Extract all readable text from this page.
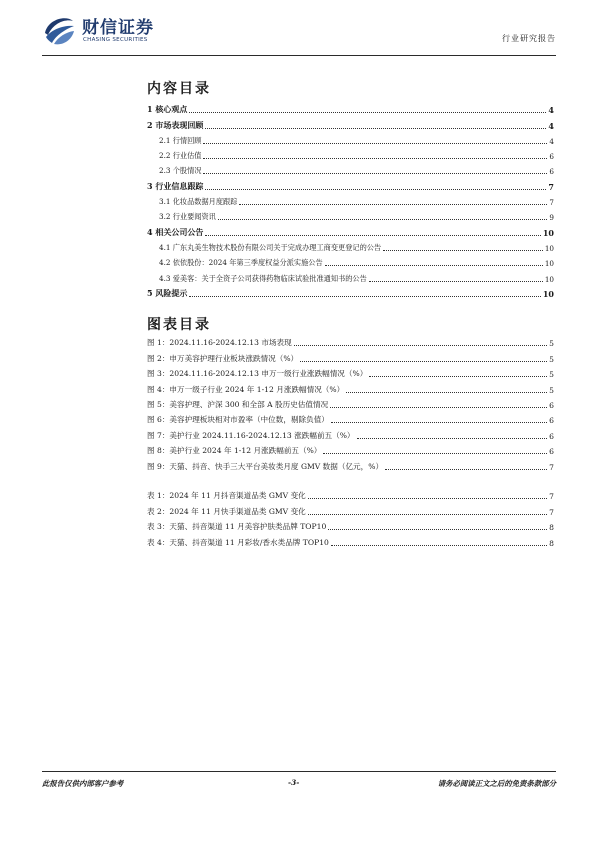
财信证券
CHASING SECURITIES	行业研究报告
内容目录
1 核心观点	4
2 市场表现回顾	4
2.1 行情回顾	4
2.2 行业估值	6
2.3 个股情况	6
3 行业信息跟踪	7
3.1 化妆品数据月度跟踪	7
3.2 行业要闻资讯	9
4 相关公司公告	10
4.1 广东丸美生物技术股份有限公司关于完成办理工商变更登记的公告	10
4.2 依依股份：2024 年第三季度权益分派实施公告	10
4.3 爱美客：关于全资子公司获得药物临床试验批准通知书的公告	10
5 风险提示	10
图表目录
图 1：2024.11.16-2024.12.13 市场表现	5
图 2：申万美容护理行业板块涨跌情况（%）	5
图 3：2024.11.16-2024.12.13 申万一级行业涨跌幅情况（%）	5
图 4：申万一级子行业 2024 年 1-12 月涨跌幅情况（%）	5
图 5：美容护理、沪深 300 和全部 A 股历史估值情况	6
图 6：美容护理板块相对市盈率（中位数，剔除负值）	6
图 7：美护行业 2024.11.16-2024.12.13 涨跌幅前五（%）	6
图 8：美护行业 2024 年 1-12 月涨跌幅前五（%）	6
图 9：天猫、抖音、快手三大平台美妆类月度 GMV 数据（亿元，%）	7
表 1：2024 年 11 月抖音渠道品类 GMV 变化	7
表 2：2024 年 11 月快手渠道品类 GMV 变化	7
表 3：天猫、抖音渠道 11 月美容护肤类品牌 TOP10	8
表 4：天猫、抖音渠道 11 月彩妆/香水类品牌 TOP10	8
此报告仅供内部客户参考	-3-	请务必阅读正文之后的免责条款部分
